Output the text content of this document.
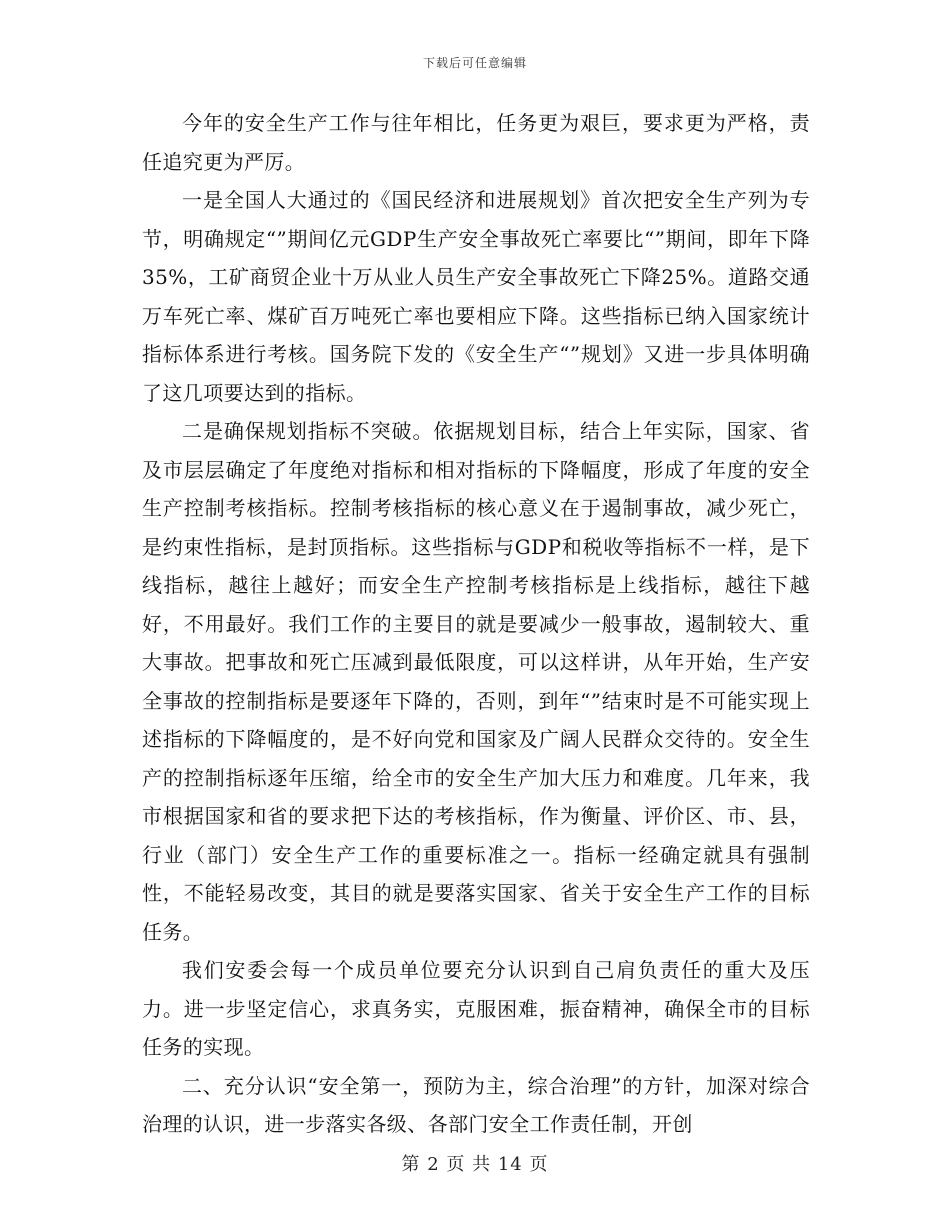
下载后可任意编辑

今年的安全生产工作与往年相比，任务更为艰巨，要求更为严格，责任追究更为严厉。

一是全国人大通过的《国民经济和进展规划》首次把安全生产列为专节，明确规定“”期间亿元GDP生产安全事故死亡率要比“”期间，即年下降35%，工矿商贸企业十万从业人员生产安全事故死亡下降25%。道路交通万车死亡率、煤矿百万吨死亡率也要相应下降。这些指标已纳入国家统计指标体系进行考核。国务院下发的《安全生产“”规划》又进一步具体明确了这几项要达到的指标。

二是确保规划指标不突破。依据规划目标，结合上年实际，国家、省及市层层确定了年度绝对指标和相对指标的下降幅度，形成了年度的安全生产控制考核指标。控制考核指标的核心意义在于遏制事故，减少死亡，是约束性指标，是封顶指标。这些指标与GDP和税收等指标不一样，是下线指标，越往上越好；而安全生产控制考核指标是上线指标，越往下越好，不用最好。我们工作的主要目的就是要减少一般事故，遏制较大、重大事故。把事故和死亡压减到最低限度，可以这样讲，从年开始，生产安全事故的控制指标是要逐年下降的，否则，到年“”结束时是不可能实现上述指标的下降幅度的，是不好向党和国家及广阔人民群众交待的。安全生产的控制指标逐年压缩，给全市的安全生产加大压力和难度。几年来，我市根据国家和省的要求把下达的考核指标，作为衡量、评价区、市、县，行业（部门）安全生产工作的重要标准之一。指标一经确定就具有强制性，不能轻易改变，其目的就是要落实国家、省关于安全生产工作的目标任务。

我们安委会每一个成员单位要充分认识到自己肩负责任的重大及压力。进一步坚定信心，求真务实，克服困难，振奋精神，确保全市的目标任务的实现。

二、充分认识“安全第一，预防为主，综合治理”的方针，加深对综合治理的认识，进一步落实各级、各部门安全工作责任制，开创

第 2 页 共 14 页
